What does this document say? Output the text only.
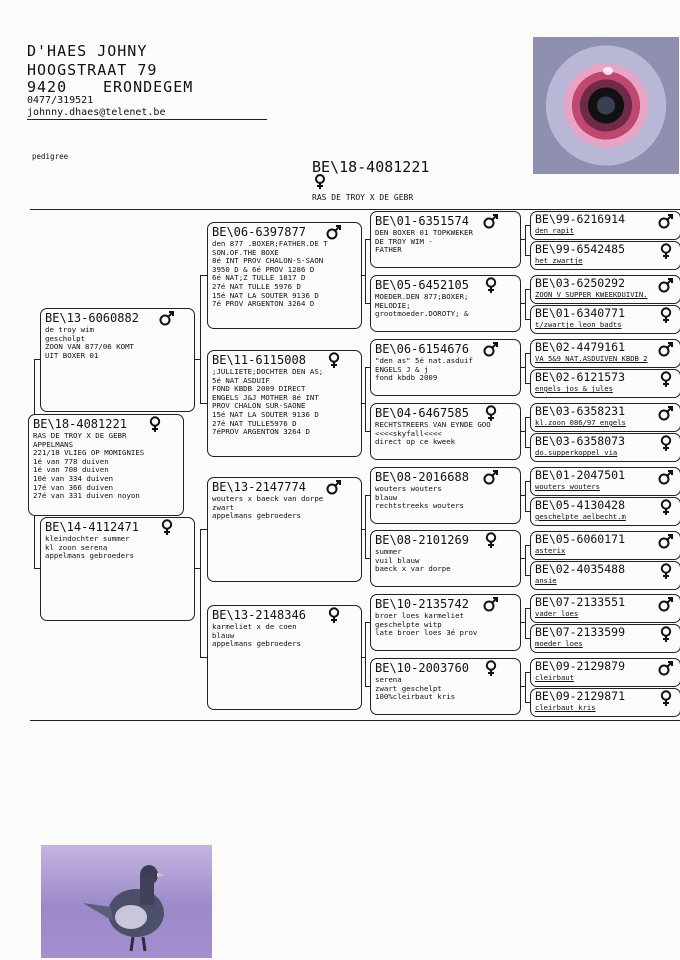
D'HAES JOHNY
HOOGSTRAAT 79
9420 ERONDEGEM
0477/319521
johnny.dhaes@telenet.be
pedigree
BE\18-4081221
RAS DE TROY X DE GEBR
BE\18-4081221
RAS DE TROY X DE GEBR
APPELMANS
221/18 VLIEG OP MOMIGNIES
1é van 778 duiven
1é van 708 duiven
10é van 334 duiven
17é van 366 duiven
27é van 331 duiven noyon
BE\13-6060882
de troy wim
gescholpt
ZOON VAN 877/06 KOMT
UIT BOXER 01
BE\14-4112471
kleindochter summer
kl zoon serena
appelmans gebroeders
BE\06-6397877
den 877 .BOXER;FATHER.DE T
SON.OF.THE BOXE
8é INT PROV CHALON-S-SAON
3950 D & 6é PROV 1286 D
6é NAT;Z TULLE 1817 D
27é NAT TULLE 5976 D
15é NAT LA SOUTER 9136 D
7é PROV ARGENTON 3264 D
BE\11-6115008
;JULLIETE;DOCHTER DEN AS;
5é NAT ASDUIF
FOND KBDB 2009 DIRECT
ENGELS J&J MOTHER 8é INT
PROV CHALON SUR-SAONE
15é NAT LA SOUTER 9136 D
27é NAT TULLE5976 D
7éPROV ARGENTON 3264 D
BE\13-2147774
wouters x baeck van dorpe
zwart
appelmans gebroeders
BE\13-2148346
karmeliet x de coen
blauw
appelmans gebroeders
BE\01-6351574
DEN BOXER 01 TOPKWEKER
DE TROY WIM -
FATHER
BE\05-6452105
MOEDER.DEN 877;BOXER;
MELODIE;
grootmoeder.DOROTY; &
BE\06-6154676
"den as" 5é nat.asduif
ENGELS J & j
fond kbdb 2009
BE\04-6467585
RECHTSTREERS VAN EYNDE GOO
<<<<skyfall<<<<
direct op ce kweek
BE\08-2016688
wouters wouters
blauw
rechtstreeks wouters
BE\08-2101269
summer
vuil blauw
baeck x var dorpe
BE\10-2135742
broer loes karmeliet
geschelpte witp
late broer loes 3é prov
BE\10-2003760
serena
zwart geschelpt
100%cleirbaut kris
BE\99-6216914
den rapit
BE\99-6542485
het zwartje
BE\03-6250292
ZOON V SUPPER KWEEKDUIVIN.
BE\01-6340771
t/zwartje leon badts
BE\02-4479161
VA 5&9 NAT.ASDUIVEN KBDB 2
BE\02-6121573
engels jos & jules
BE\03-6358231
kl.zoon 086/97 engels
BE\03-6358073
do.supperkoppel via
BE\01-2047501
wouters wouters
BE\05-4130428
geschelpte aelbecht.m
BE\05-6060171
asterix
BE\02-4035488
ansie
BE\07-2133551
vader loes
BE\07-2133599
moeder loes
BE\09-2129879
cleirbaut
BE\09-2129871
cleirbaut kris
